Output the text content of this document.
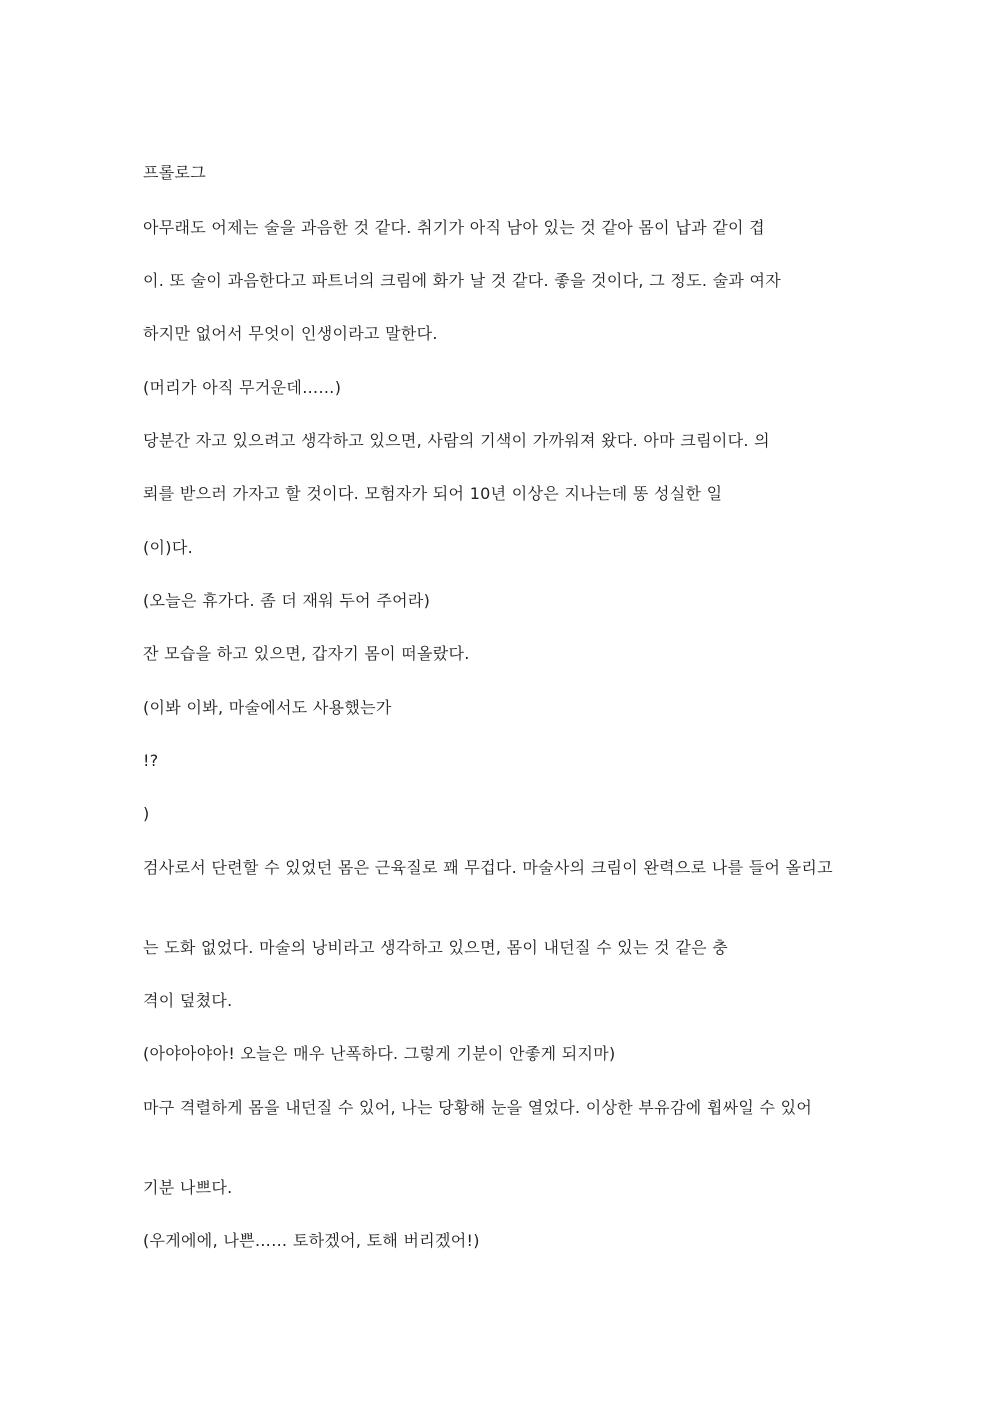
프롤로그
아무래도 어제는 술을 과음한 것 같다. 취기가 아직 남아 있는 것 같아 몸이 납과 같이 겹
이. 또 술이 과음한다고 파트너의 크림에 화가 날 것 같다. 좋을 것이다, 그 정도. 술과 여자
하지만 없어서 무엇이 인생이라고 말한다.
(머리가 아직 무거운데……)
당분간 자고 있으려고 생각하고 있으면, 사람의 기색이 가까워져 왔다. 아마 크림이다. 의
뢰를 받으러 가자고 할 것이다. 모험자가 되어 10년 이상은 지나는데 똥 성실한 일
(이)다.
(오늘은 휴가다. 좀 더 재워 두어 주어라)
잔 모습을 하고 있으면, 갑자기 몸이 떠올랐다.
(이봐 이봐, 마술에서도 사용했는가
!?
)
검사로서 단련할 수 있었던 몸은 근육질로 꽤 무겁다. 마술사의 크림이 완력으로 나를 들어 올리고
는 도화 없었다. 마술의 낭비라고 생각하고 있으면, 몸이 내던질 수 있는 것 같은 충
격이 덮쳤다.
(아야아야아! 오늘은 매우 난폭하다. 그렇게 기분이 안좋게 되지마)
마구 격렬하게 몸을 내던질 수 있어, 나는 당황해 눈을 열었다. 이상한 부유감에 휩싸일 수 있어
기분 나쁘다.
(우게에에, 나쁜…… 토하겠어, 토해 버리겠어!)
